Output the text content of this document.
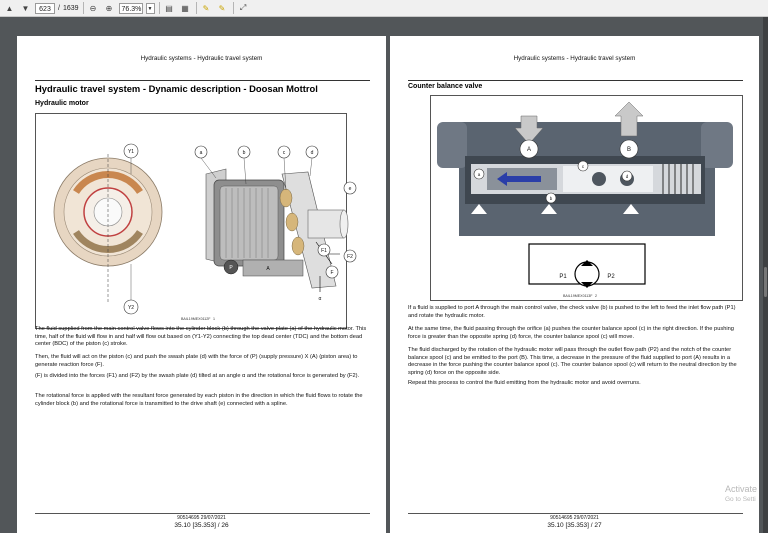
▲	▼	623	/ 1639	⊖	⊕	76.3%	▼	▤	▦	✎	✎	⤢
Hydraulic systems - Hydraulic travel system
Hydraulic travel system - Dynamic description - Doosan Mottrol
Hydraulic motor
Y1
Y2
a	b	c	d
e
F1
F2
F
P	A
α
BAIL19MEX0112F 1

The fluid supplied from the main control valve flows into the cylinder block (b) through the valve plate (a) of the hydraulic motor. This time, half of the fluid will flow in and half will flow out based on (Y1-Y2) connecting the top dead center (TDC) and the bottom dead center (BDC) of the piston (c) stroke.

Then, the fluid will act on the piston (c) and push the swash plate (d) with the force of (P) (supply pressure) X (A) (piston area) to generate reaction force (F).

(F) is divided into the forces (F1) and (F2) by the swash plate (d) tilted at an angle α and the rotational force is generated by (F2).

The rotational force is applied with the resultant force generated by each piston in the direction in which the fluid flows to rotate the cylinder block (b) and the rotational force is transmitted to the drive shaft (e) connected with a spline.

90514695 29/07/2021
35.10 [35.353] / 26
Hydraulic systems - Hydraulic travel system
Counter balance valve
A	B
a
b
c
d
P1	P2
BAIL19MEX0113F 2

If a fluid is supplied to port A through the main control valve, the check valve (b) is pushed to the left to feed the inlet flow path (P1) and rotate the hydraulic motor.

At the same time, the fluid passing through the orifice (a) pushes the counter balance spool (c) in the right direction. If the pushing force is greater than the opposite spring (d) force, the counter balance spool (c) will move.

The fluid discharged by the rotation of the hydraulic motor will pass through the outlet flow path (P2) and the notch of the counter balance spool (c) and be emitted to the port (B). This time, a decrease in the pressure of the fluid supplied to port (A) results in a decrease in the force pushing the counter balance spool (c). The counter balance spool (c) will return to the neutral direction by the spring (d) force on the opposite side.

Repeat this process to control the fluid emitting from the hydraulic motor and avoid overruns.

90514695 29/07/2021
35.10 [35.353] / 27
Activate
Go to Setti
